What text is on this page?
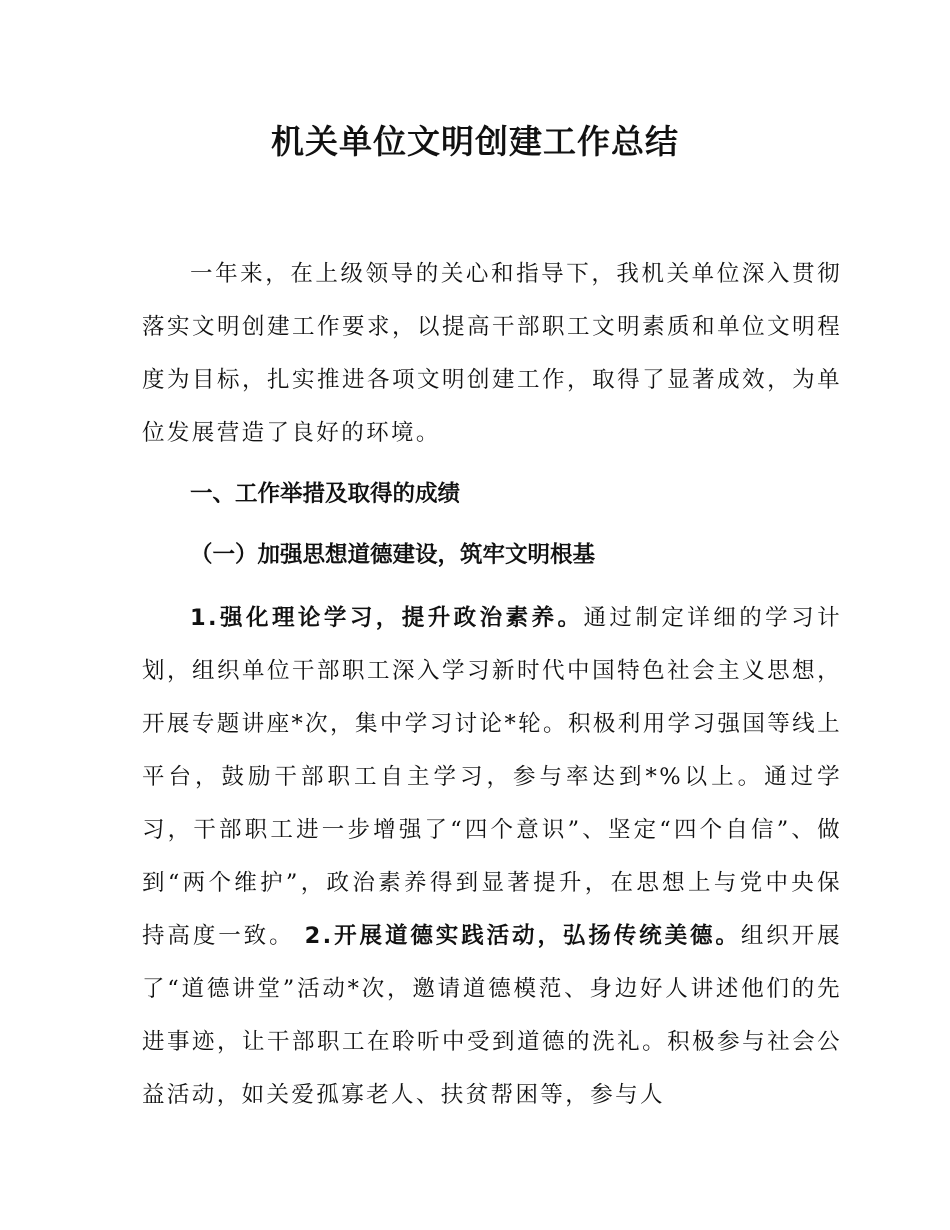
机关单位文明创建工作总结

一年来，在上级领导的关心和指导下，我机关单位深入贯彻落实文明创建工作要求，以提高干部职工文明素质和单位文明程度为目标，扎实推进各项文明创建工作，取得了显著成效，为单位发展营造了良好的环境。

一、工作举措及取得的成绩
（一）加强思想道德建设，筑牢文明根基

1.强化理论学习，提升政治素养。通过制定详细的学习计划，组织单位干部职工深入学习新时代中国特色社会主义思想，开展专题讲座*次，集中学习讨论*轮。积极利用学习强国等线上平台，鼓励干部职工自主学习，参与率达到*%以上。通过学习，干部职工进一步增强了“四个意识”、坚定“四个自信”、做到“两个维护”，政治素养得到显著提升，在思想上与党中央保持高度一致。 2.开展道德实践活动，弘扬传统美德。组织开展了“道德讲堂”活动*次，邀请道德模范、身边好人讲述他们的先进事迹，让干部职工在聆听中受到道德的洗礼。积极参与社会公益活动，如关爱孤寡老人、扶贫帮困等，参与人
